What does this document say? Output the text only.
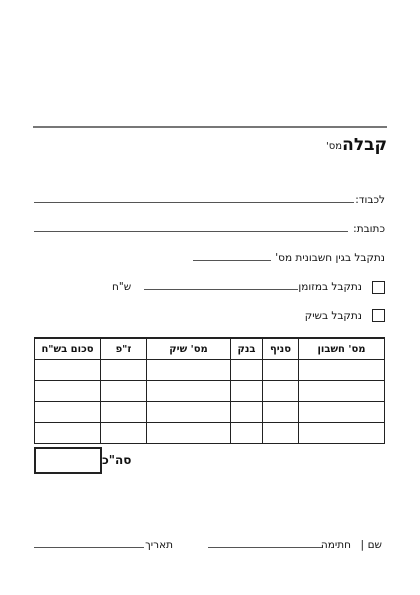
קבלה
מס'
לכבוד:
כתובת:
נתקבל בגין חשבונית מס'
נתקבל במזומן
ש"ח
נתקבל בשיק
מס' חשבון	סניף	בנק	מס' שיק	ז"פ	סכום בש"ח

סה"כ
שם
|
חתימה
תאריך
